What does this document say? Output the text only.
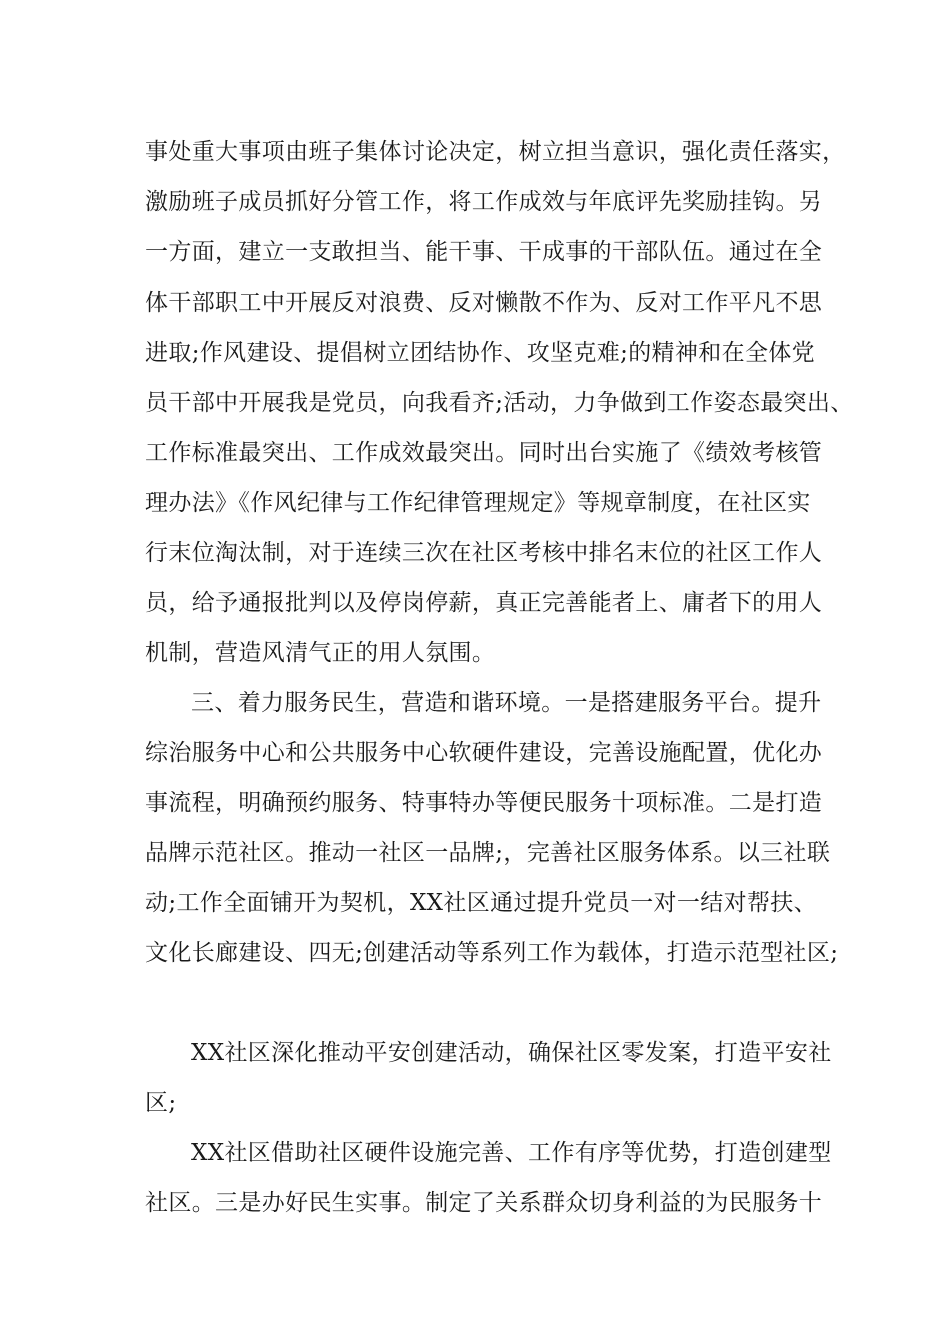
事处重大事项由班子集体讨论决定，树立担当意识，强化责任落实，
激励班子成员抓好分管工作，将工作成效与年底评先奖励挂钩。另
一方面，建立一支敢担当、能干事、干成事的干部队伍。通过在全
体干部职工中开展反对浪费、反对懒散不作为、反对工作平凡不思
进取;作风建设、提倡树立团结协作、攻坚克难;的精神和在全体党
员干部中开展我是党员，向我看齐;活动，力争做到工作姿态最突出、
工作标准最突出、工作成效最突出。同时出台实施了《绩效考核管
理办法》《作风纪律与工作纪律管理规定》等规章制度，在社区实
行末位淘汰制，对于连续三次在社区考核中排名末位的社区工作人
员，给予通报批判以及停岗停薪，真正完善能者上、庸者下的用人
机制，营造风清气正的用人氛围。
三、着力服务民生，营造和谐环境。一是搭建服务平台。提升
综治服务中心和公共服务中心软硬件建设，完善设施配置，优化办
事流程，明确预约服务、特事特办等便民服务十项标准。二是打造
品牌示范社区。推动一社区一品牌;，完善社区服务体系。以三社联
动;工作全面铺开为契机，XX社区通过提升党员一对一结对帮扶、
文化长廊建设、四无;创建活动等系列工作为载体，打造示范型社区;
XX社区深化推动平安创建活动，确保社区零发案，打造平安社
区;
XX社区借助社区硬件设施完善、工作有序等优势，打造创建型
社区。三是办好民生实事。制定了关系群众切身利益的为民服务十
